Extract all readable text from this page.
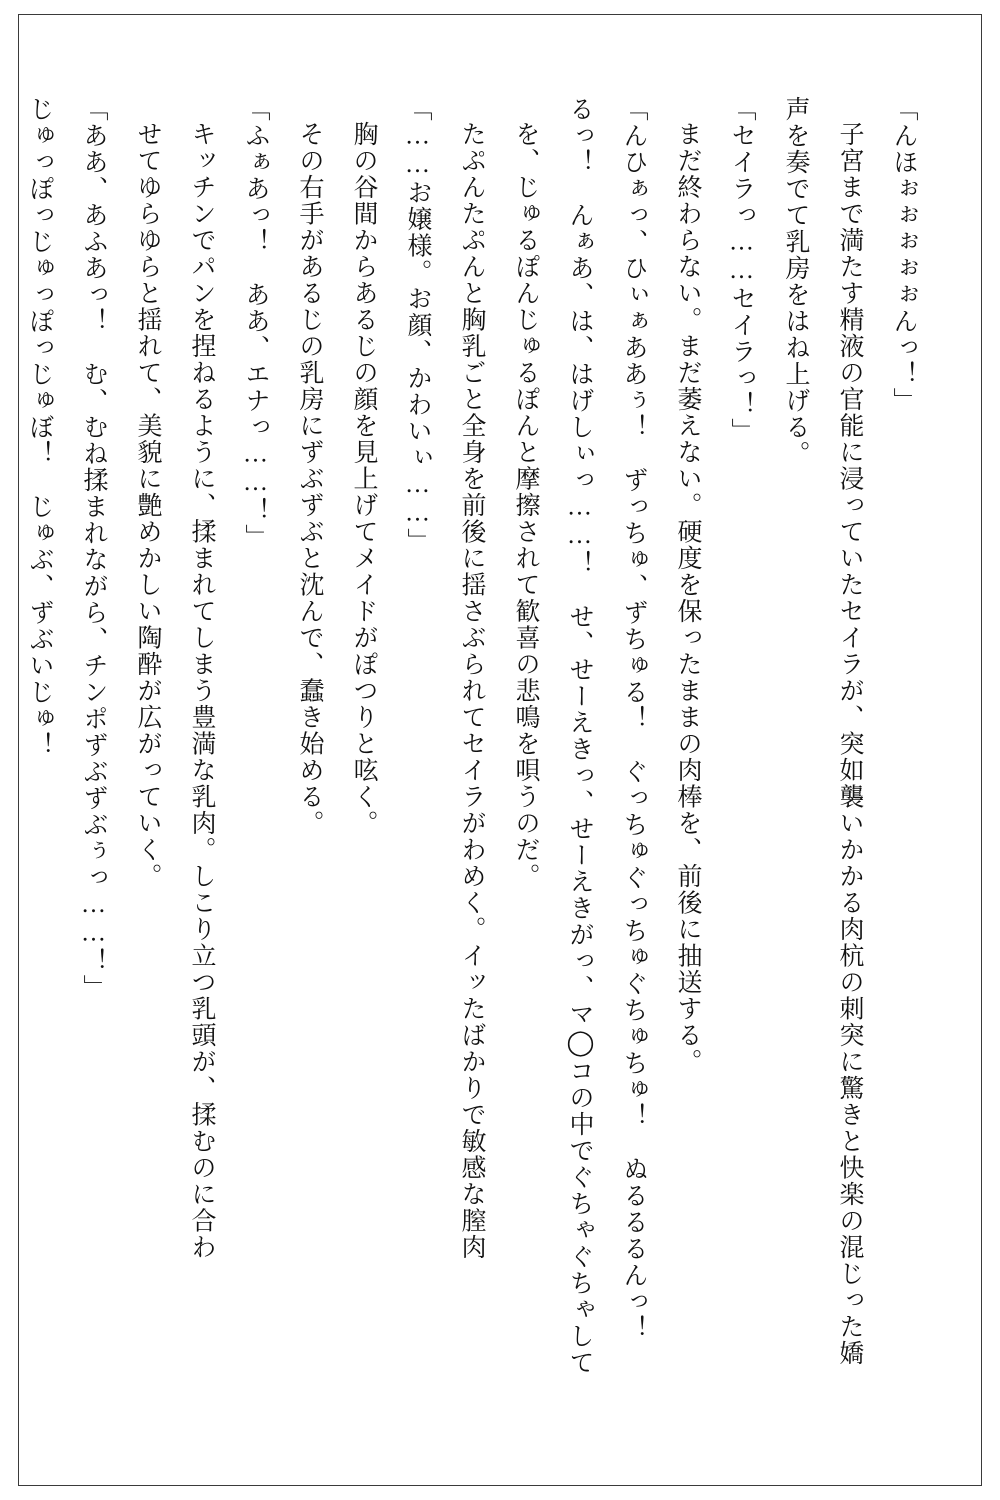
「んほぉぉぉぉぉんっ！」

子宮まで満たす精液の官能に浸っていたセイラが、突如襲いかかる肉杭の刺突に驚きと快楽の混じった嬌声を奏でて乳房をはね上げる。

「セイラっ……セイラっ！」

まだ終わらない。まだ萎えない。硬度を保ったままの肉棒を、前後に抽送する。

「んひぁっ、ひぃぁああぅ！　ずっちゅ、ずちゅる！　ぐっちゅぐっちゅぐちゅちゅ！　ぬるるるんっ！

るっ！　んぁあ、は、はげしぃっ……！　せ、せーえきっ、せーえきがっ、マ◯コの中でぐちゃぐちゃして

を、じゅるぽんじゅるぽんと摩擦されて歓喜の悲鳴を唄うのだ。

たぷんたぷんと胸乳ごと全身を前後に揺さぶられてセイラがわめく。イッたばかりで敏感な膣肉

「……お嬢様。お顔、かわいぃ……」

胸の谷間からあるじの顔を見上げてメイドがぽつりと呟く。

その右手があるじの乳房にずぶずぶと沈んで、蠢き始める。

「ふぁあっ！　ああ、エナっ……！」

キッチンでパンを捏ねるように、揉まれてしまう豊満な乳肉。しこり立つ乳頭が、揉むのに合わ

せてゆらゆらと揺れて、美貌に艶めかしい陶酔が広がっていく。

「ああ、あふあっ！　む、むね揉まれながら、チンポずぶずぶぅっ……！」

じゅっぽっじゅっぽっじゅぼ！　じゅぶ、ずぶいじゅ！
